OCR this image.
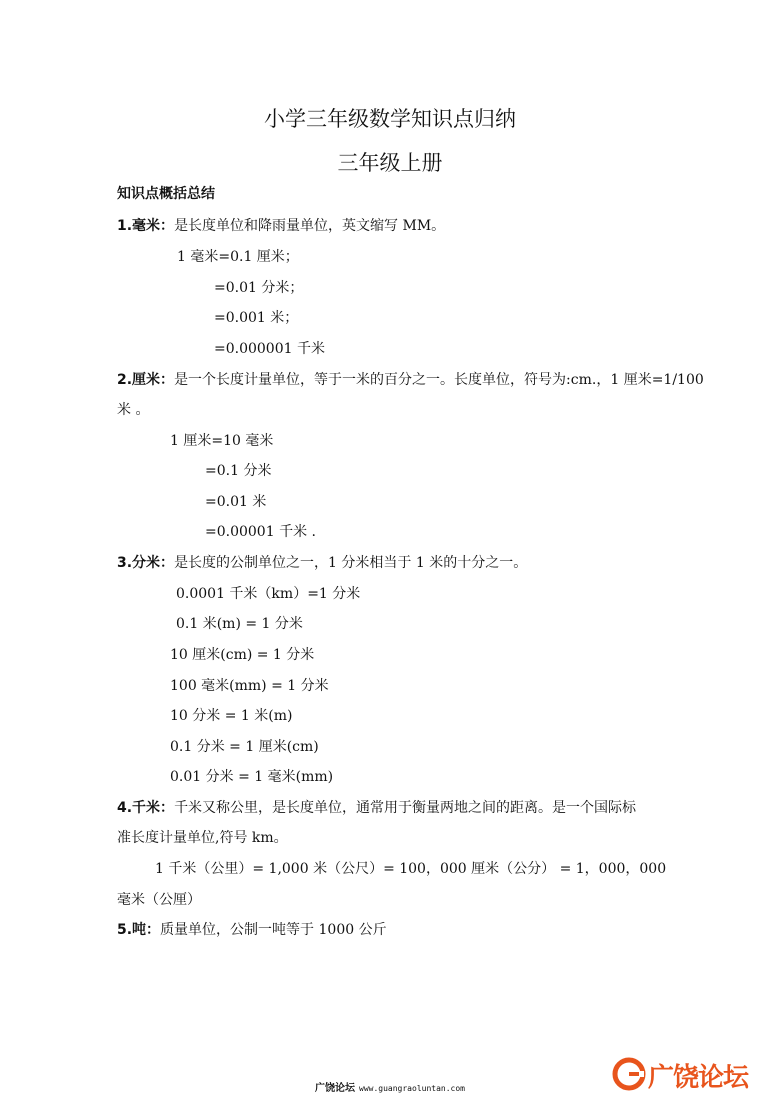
小学三年级数学知识点归纳
三年级上册
知识点概括总结
1.毫米：是长度单位和降雨量单位，英文缩写 MM。
1 毫米=0.1 厘米；
=0.01 分米；
=0.001 米；
=0.000001 千米
2.厘米：是一个长度计量单位，等于一米的百分之一。长度单位，符号为:cm.，1 厘米=1/100
米 。
1 厘米=10 毫米
=0.1 分米
=0.01 米
=0.00001 千米 .
3.分米：是长度的公制单位之一，1 分米相当于 1 米的十分之一。
0.0001 千米（km）=1 分米
0.1 米(m) = 1 分米
10 厘米(cm) = 1 分米
100 毫米(mm) = 1 分米
10 分米 = 1 米(m)
0.1 分米 = 1 厘米(cm)
0.01 分米 = 1 毫米(mm)
4.千米：千米又称公里，是长度单位，通常用于衡量两地之间的距离。是一个国际标
准长度计量单位,符号 km。
1 千米（公里）= 1,000 米（公尺）= 100，000 厘米（公分） = 1，000，000
毫米（公厘）
5.吨：质量单位，公制一吨等于 1000 公斤
广饶论坛 www.guangraoluntan.com	广饶论坛
